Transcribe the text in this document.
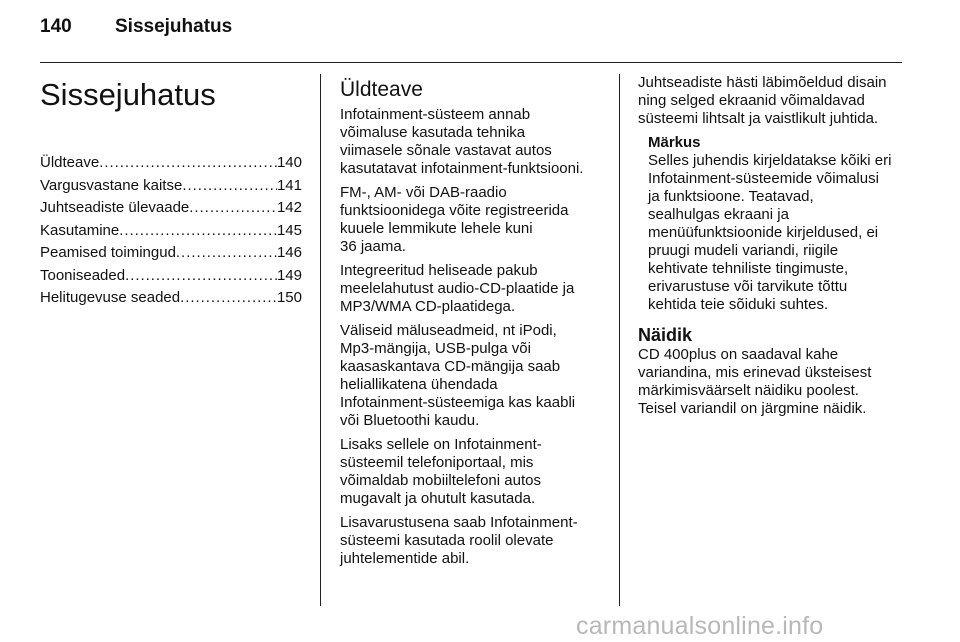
140	Sissejuhatus
Sissejuhatus
Üldteave . . .	140
Vargusvastane kaitse . . .	141
Juhtseadiste ülevaade . . .	142
Kasutamine . . .	145
Peamised toimingud . . .	146
Tooniseaded . . .	149
Helitugevuse seaded . . .	150
Üldteave

Infotainment-süsteem annab
võimaluse kasutada tehnika
viimasele sõnale vastavat autos
kasutatavat infotainment-funktsiooni.

FM-, AM- või DAB-raadio
funktsioonidega võite registreerida
kuuele lemmikute lehele kuni
36 jaama.

Integreeritud heliseade pakub
meelelahutust audio-CD-plaatide ja
MP3/WMA CD-plaatidega.

Väliseid mäluseadmeid, nt iPodi,
Mp3-mängija, USB-pulga või
kaasaskantava CD-mängija saab
heliallikatena ühendada
Infotainment-süsteemiga kas kaabli
või Bluetoothi kaudu.

Lisaks sellele on Infotainment-
süsteemil telefoniportaal, mis
võimaldab mobiiltelefoni autos
mugavalt ja ohutult kasutada.

Lisavarustusena saab Infotainment-
süsteemi kasutada roolil olevate
juhtelementide abil.

Juhtseadiste hästi läbimõeldud disain
ning selged ekraanid võimaldavad
süsteemi lihtsalt ja vaistlikult juhtida.

Märkus
Selles juhendis kirjeldatakse kõiki eri
Infotainment-süsteemide võimalusi
ja funktsioone. Teatavad,
sealhulgas ekraani ja
menüüfunktsioonide kirjeldused, ei
pruugi mudeli variandi, riigile
kehtivate tehniliste tingimuste,
erivarustuse või tarvikute tõttu
kehtida teie sõiduki suhtes.
Näidik

CD 400plus on saadaval kahe
variandina, mis erinevad üksteisest
märkimisväärselt näidiku poolest.
Teisel variandil on järgmine näidik.

carmanualsonline.info
